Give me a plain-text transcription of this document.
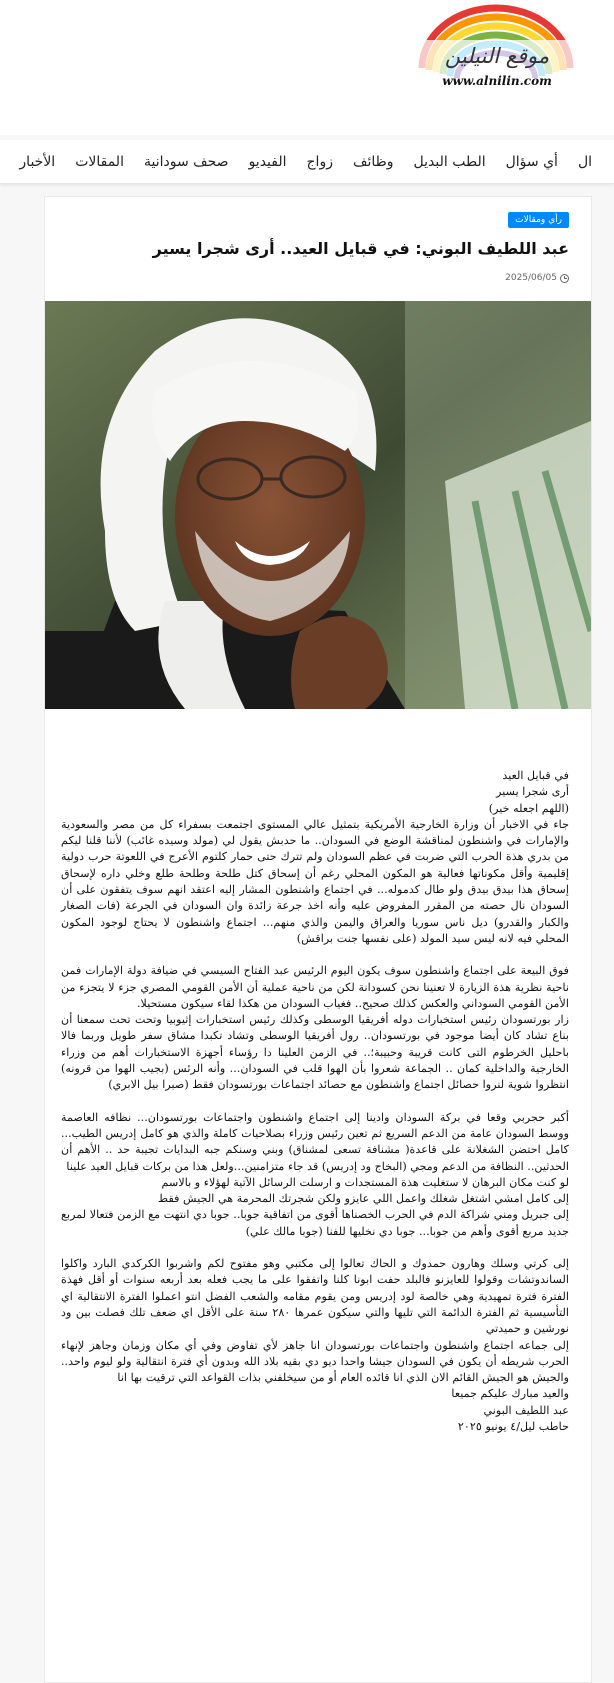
موقع النيلين
www.alnilin.com
الأخبار المقالات صحف سودانية الفيديو زواج وظائف الطب البديل أي سؤال ال
رأي ومقالات
عبد اللطيف البوني: في قبايل العيد.. أرى شجرا يسير
2025/06/05

في قبايل العيد

أرى شجرا يسير

(اللهم اجعله خير)

جاء في الاخبار أن وزارة الخارجية الأمريكية بتمثيل عالي المستوى اجتمعت بسفراء كل من مصر والسعودية والإمارات في واشنطون لمناقشة الوضع في السودان.. ما حدبش يقول لي (مولد وسيده غائب) لأننا قلنا ليكم من بدري هذة الحرب التي ضربت في عظم السودان ولم تترك حتى حمار كلتوم الأعرج في اللعوتة حرب دولية إقليمية وأقل مكوناتها فعالية هو المكون المحلي رغم أن إسحاق كتل طلحة وطلحة طلع وخلي داره لإسحاق إسحاق هذا بيدق بيدق ولو طال كدموله... في اجتماع واشنطون المشار إليه اعتقد انهم سوف يتفقون على أن السودان نال حصته من المقرر المفروض عليه وأنه اخذ جرعة زائدة وان السودان في الجرعة (فات الصغار والكبار والقدرو) ديل ناس سوريا والعراق واليمن والذي منهم... اجتماع واشنطون لا يحتاج لوجود المكون المحلي فيه لانه ليس سيد المولد (على نفسها جنت براقش)

فوق البيعة على اجتماع واشنطون سوف يكون اليوم الرئيس عبد الفتاح السيسي في ضيافة دولة الإمارات فمن ناحية نظرية هذة الزيارة لا تعنينا نحن كسودانة لكن من ناحية عملية أن الأمن القومي المصري جزء لا يتجزء من الأمن القومي السوداني والعكس كذلك صحيح.. فغياب السودان من هكذا لقاء سيكون مستحيلا.

زار بورتسودان رئيس استخبارات دوله أفريقيا الوسطى وكذلك رئيس استخبارات إثيوبيا وتحت تحت سمعنا أن بناع تشاد كان أيضا موجود في بورتسودان.. رول أفريقيا الوسطى وتشاد تكبدا مشاق سفر طويل وربما فالا باحليل الخرطوم التى كانت قريبة وحبيبة؛.. في الزمن العلينا دا رؤساء أجهزة الاستخبارات أهم من وزراء الخارجية والداخلية كمان .. الجماعة شعروا بأن الهوا قلب في السودان... وأنه الرئس (بجيب الهوا من قرونه) انتظروا شوية لنروا حصائل اجتماع واشنطون مع حصائد اجتماعات بورتسودان فقط (صبرا بيل الابري)

أكبر حجربي وقعا في بركة السودان وادينا إلى اجتماع واشنطون واجتماعات بورتسودان... نظافه العاصمة ووسط السودان عامة من الدعم السريع ثم تعين رئيس وزراء بصلاحيات كاملة والذي هو كامل إدريس الطيب... كامل احتضن الشغلانة على قاعدة( مشنافة تسعى لمشناق) وبني وسنكم جبه البدايات تجيبة حد .. الأهم أن الحدثين.. النظافة من الدعم ومجي (البخاج ود إدريس) قد جاء متزامنين...ولعل هذا من بركات قبايل العيد علينا

لو كنت مكان البرهان لا ستغليت هذة المستجدات و ارسلت الرسائل الآتية لهؤلاء و بالاسم

إلى كامل امشي اشتغل شغلك واعمل اللي عايزو ولكن شجرتك المحرمة هي الجيش فقط

إلى جبريل ومني شراكة الدم في الحرب الخصناها أقوى من اتفاقية جوبا.. جوبا دي انتهت مع الزمن فتعالا لمربع جديد مربع أقوى وأهم من جوبا... جوبا دي نخليها للفنا (جوبا مالك علي)

إلى كرتي وسلك وهارون حمدوك و الحاك تعالوا إلى مكتبي وهو مفتوح لكم واشربوا الكركدي البارد واكلوا الساندوتشات وقولوا للعايزنو فالبلد حفت ابونا كلنا واتفقوا على ما يجب فعله بعد أربعه سنوات أو أقل فهذة الفترة فترة تمهيدية وهي خالصة لود إدريس ومن يقوم مقامه والشعب الفضل انتو اعملوا الفترة الانتقالية اي التأسيسية ثم الفترة الدائمة التي تليها والتي سيكون عمرها ٢٨٠ سنة على الأقل اي ضعف تلك فصلت بين ود نورشين و حميدتي

إلى جماعه اجتماع واشنطون واجتماعات بورتسودان انا جاهز لأي تفاوض وفي أي مكان وزمان وجاهز لإنهاء الحرب شريطه أن يكون في السودان جيشا واحدا ديو دي بقيه بلاد الله وبدون أي فترة انتقالية ولو ليوم واحد.. والجيش هو الجيش القائم الان الذي انا قائده العام أو من سيخلفني بذات القواعد التي ترقيت بها انا

والعيد مبارك عليكم جميعا

عبد اللطيف البوني

حاطب ليل/٤ يونيو ٢٠٢٥
